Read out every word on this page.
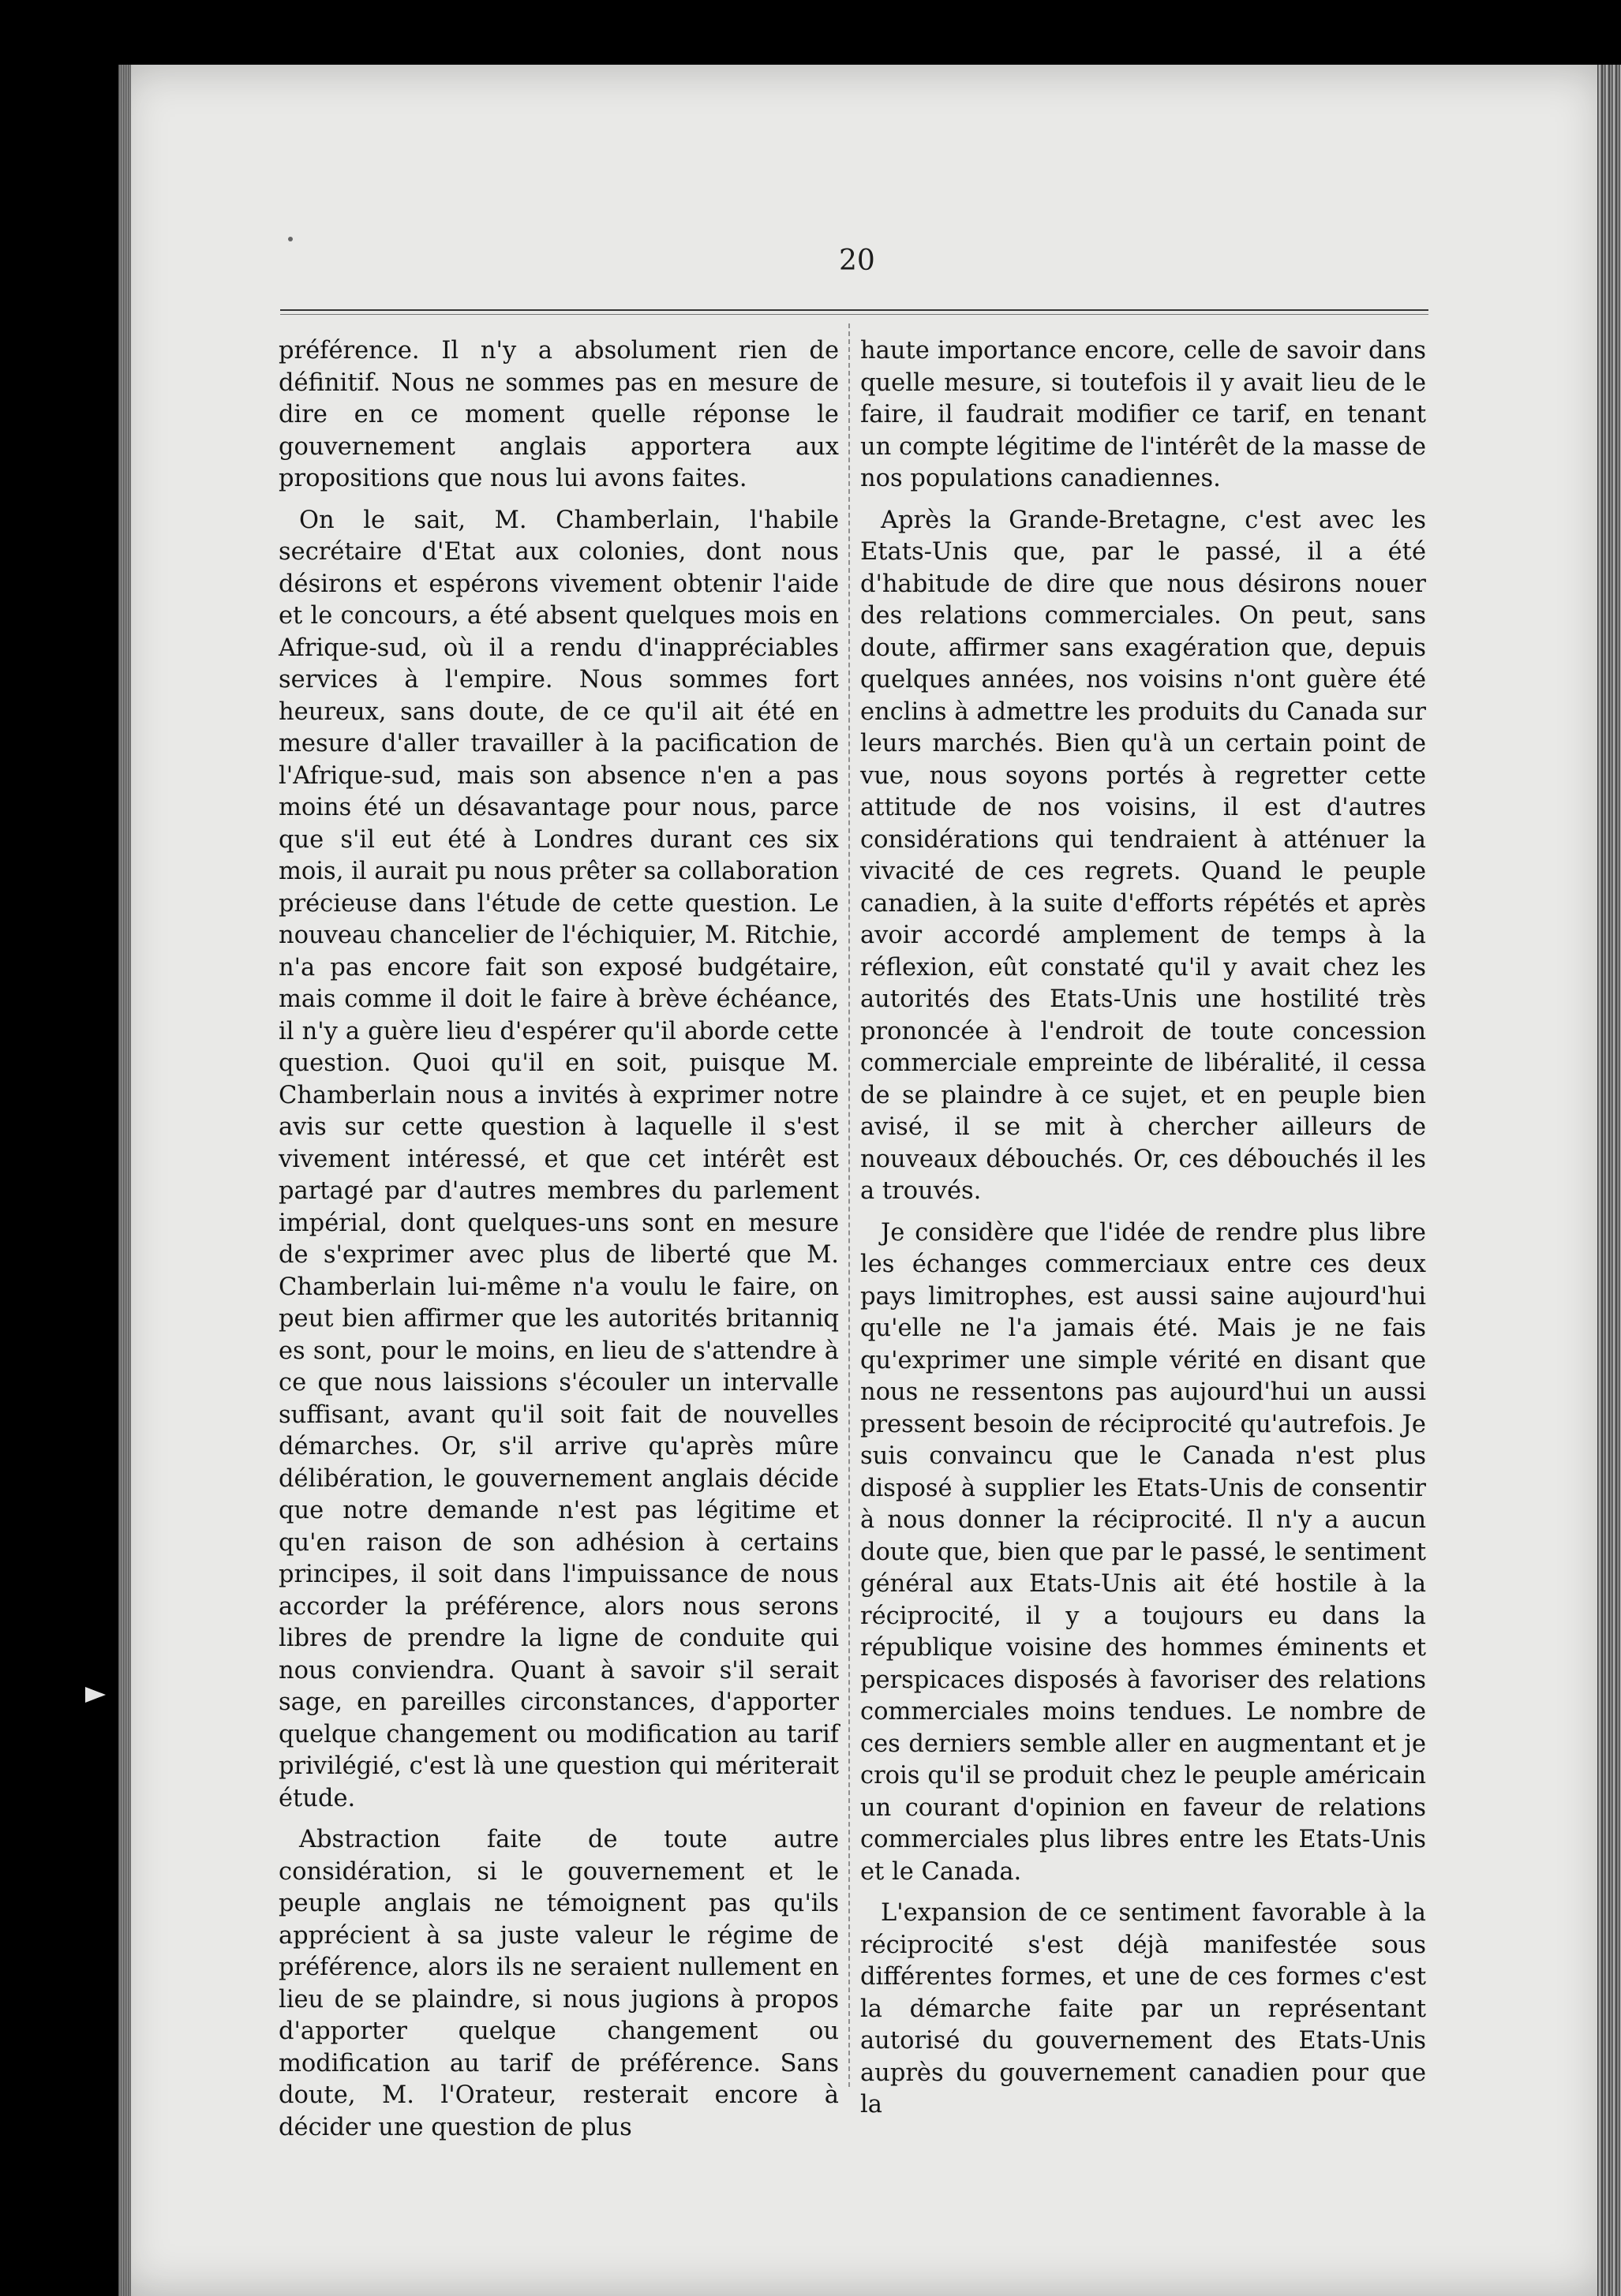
20

préférence. Il n'y a absolument rien de définitif. Nous ne sommes pas en mesure de dire en ce moment quelle réponse le gouvernement anglais apportera aux propositions que nous lui avons faites.

On le sait, M. Chamberlain, l'habile secrétaire d'Etat aux colonies, dont nous désirons et espérons vivement obtenir l'aide et le concours, a été absent quelques mois en Afrique-sud, où il a rendu d'inappréciables services à l'empire. Nous sommes fort heureux, sans doute, de ce qu'il ait été en mesure d'aller travailler à la pacification de l'Afrique-sud, mais son absence n'en a pas moins été un désavantage pour nous, parce que s'il eut été à Londres durant ces six mois, il aurait pu nous prêter sa collaboration précieuse dans l'étude de cette question. Le nouveau chancelier de l'échiquier, M. Ritchie, n'a pas encore fait son exposé budgétaire, mais comme il doit le faire à brève échéance, il n'y a guère lieu d'espérer qu'il aborde cette question. Quoi qu'il en soit, puisque M. Chamberlain nous a invités à exprimer notre avis sur cette question à laquelle il s'est vivement intéressé, et que cet intérêt est partagé par d'autres membres du parlement impérial, dont quelques-uns sont en mesure de s'exprimer avec plus de liberté que M. Chamberlain lui-même n'a voulu le faire, on peut bien affirmer que les autorités britanniq es sont, pour le moins, en lieu de s'attendre à ce que nous laissions s'écouler un intervalle suffisant, avant qu'il soit fait de nouvelles démarches. Or, s'il arrive qu'après mûre délibération, le gouvernement anglais décide que notre demande n'est pas légitime et qu'en raison de son adhésion à certains principes, il soit dans l'impuissance de nous accorder la préférence, alors nous serons libres de prendre la ligne de conduite qui nous conviendra. Quant à savoir s'il serait sage, en pareilles circonstances, d'apporter quelque changement ou modification au tarif privilégié, c'est là une question qui mériterait étude.

Abstraction faite de toute autre considération, si le gouvernement et le peuple anglais ne témoignent pas qu'ils apprécient à sa juste valeur le régime de préférence, alors ils ne seraient nullement en lieu de se plaindre, si nous jugions à propos d'apporter quelque changement ou modification au tarif de préférence. Sans doute, M. l'Orateur, resterait encore à décider une question de plus

haute importance encore, celle de savoir dans quelle mesure, si toutefois il y avait lieu de le faire, il faudrait modifier ce tarif, en tenant un compte légitime de l'intérêt de la masse de nos populations canadiennes.

Après la Grande-Bretagne, c'est avec les Etats-Unis que, par le passé, il a été d'habitude de dire que nous désirons nouer des relations commerciales. On peut, sans doute, affirmer sans exagération que, depuis quelques années, nos voisins n'ont guère été enclins à admettre les produits du Canada sur leurs marchés. Bien qu'à un certain point de vue, nous soyons portés à regretter cette attitude de nos voisins, il est d'autres considérations qui tendraient à atténuer la vivacité de ces regrets. Quand le peuple canadien, à la suite d'efforts répétés et après avoir accordé amplement de temps à la réflexion, eût constaté qu'il y avait chez les autorités des Etats-Unis une hostilité très prononcée à l'endroit de toute concession commerciale empreinte de libéralité, il cessa de se plaindre à ce sujet, et en peuple bien avisé, il se mit à chercher ailleurs de nouveaux débouchés. Or, ces débouchés il les a trouvés.

Je considère que l'idée de rendre plus libre les échanges commerciaux entre ces deux pays limitrophes, est aussi saine aujourd'hui qu'elle ne l'a jamais été. Mais je ne fais qu'exprimer une simple vérité en disant que nous ne ressentons pas aujourd'hui un aussi pressent besoin de réciprocité qu'autrefois. Je suis convaincu que le Canada n'est plus disposé à supplier les Etats-Unis de consentir à nous donner la réciprocité. Il n'y a aucun doute que, bien que par le passé, le sentiment général aux Etats-Unis ait été hostile à la réciprocité, il y a toujours eu dans la république voisine des hommes éminents et perspicaces disposés à favoriser des relations commerciales moins tendues. Le nombre de ces derniers semble aller en augmentant et je crois qu'il se produit chez le peuple américain un courant d'opinion en faveur de relations commerciales plus libres entre les Etats-Unis et le Canada.

L'expansion de ce sentiment favorable à la réciprocité s'est déjà manifestée sous différentes formes, et une de ces formes c'est la démarche faite par un représentant autorisé du gouvernement des Etats-Unis auprès du gouvernement canadien pour que la
